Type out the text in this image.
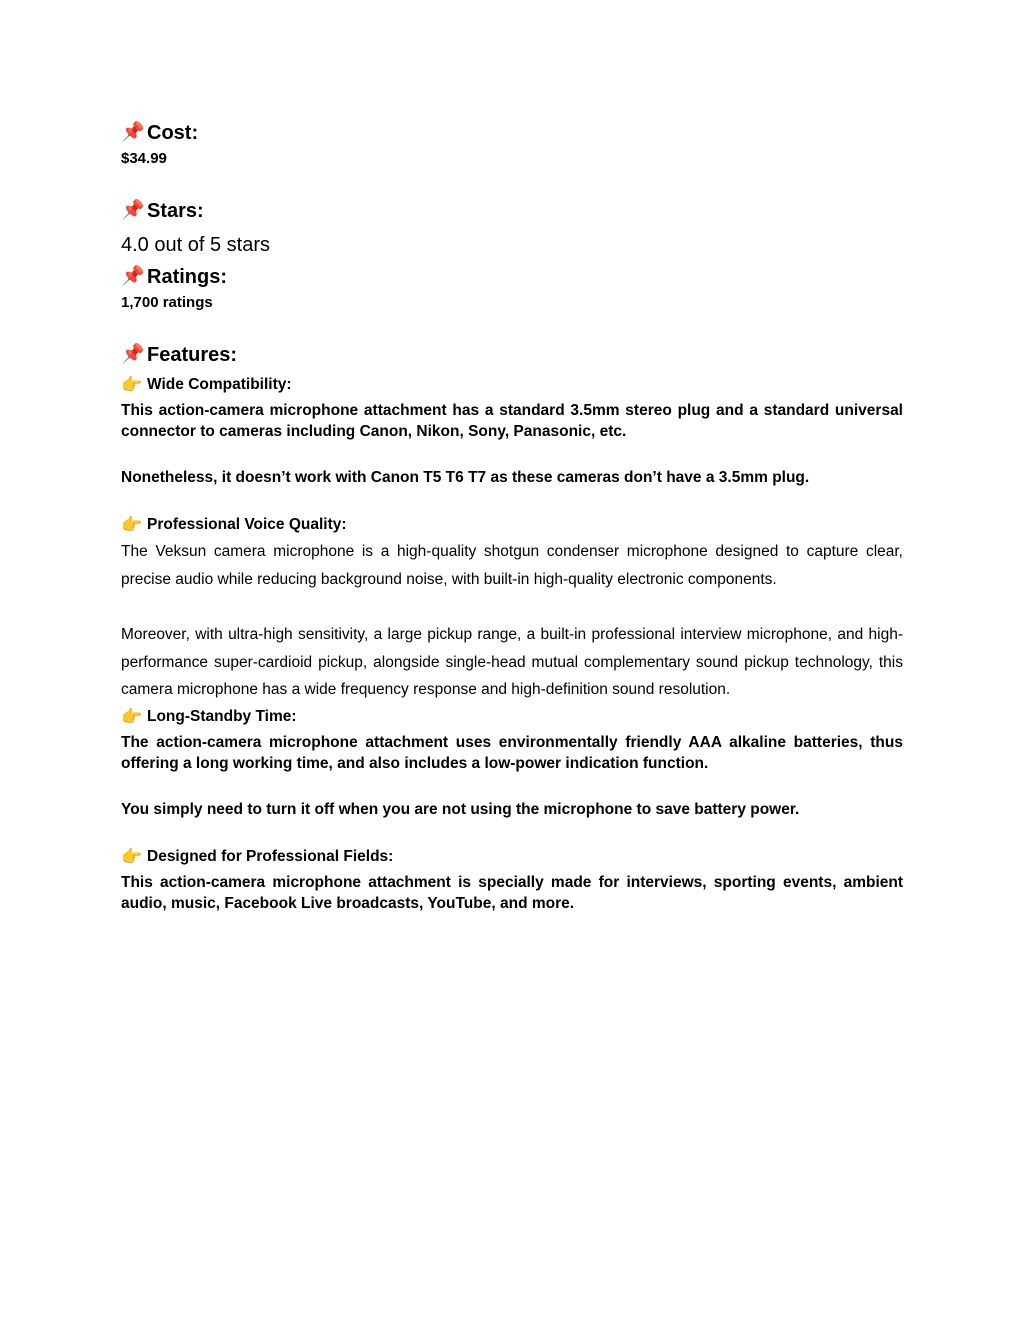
📌 Cost:

$34.99

📌 Stars:

4.0 out of 5 stars

📌 Ratings:

1,700 ratings

📌 Features:
👉 Wide Compatibility:

This action-camera microphone attachment has a standard 3.5mm stereo plug and a standard universal connector to cameras including Canon, Nikon, Sony, Panasonic, etc.

Nonetheless, it doesn’t work with Canon T5 T6 T7 as these cameras don’t have a 3.5mm plug.

👉 Professional Voice Quality:

The Veksun camera microphone is a high-quality shotgun condenser microphone designed to capture clear, precise audio while reducing background noise, with built-in high-quality electronic components.

Moreover, with ultra-high sensitivity, a large pickup range, a built-in professional interview microphone, and high-performance super-cardioid pickup, alongside single-head mutual complementary sound pickup technology, this camera microphone has a wide frequency response and high-definition sound resolution.

👉 Long-Standby Time:

The action-camera microphone attachment uses environmentally friendly AAA alkaline batteries, thus offering a long working time, and also includes a low-power indication function.

You simply need to turn it off when you are not using the microphone to save battery power.

👉 Designed for Professional Fields:

This action-camera microphone attachment is specially made for interviews, sporting events, ambient audio, music, Facebook Live broadcasts, YouTube, and more.
